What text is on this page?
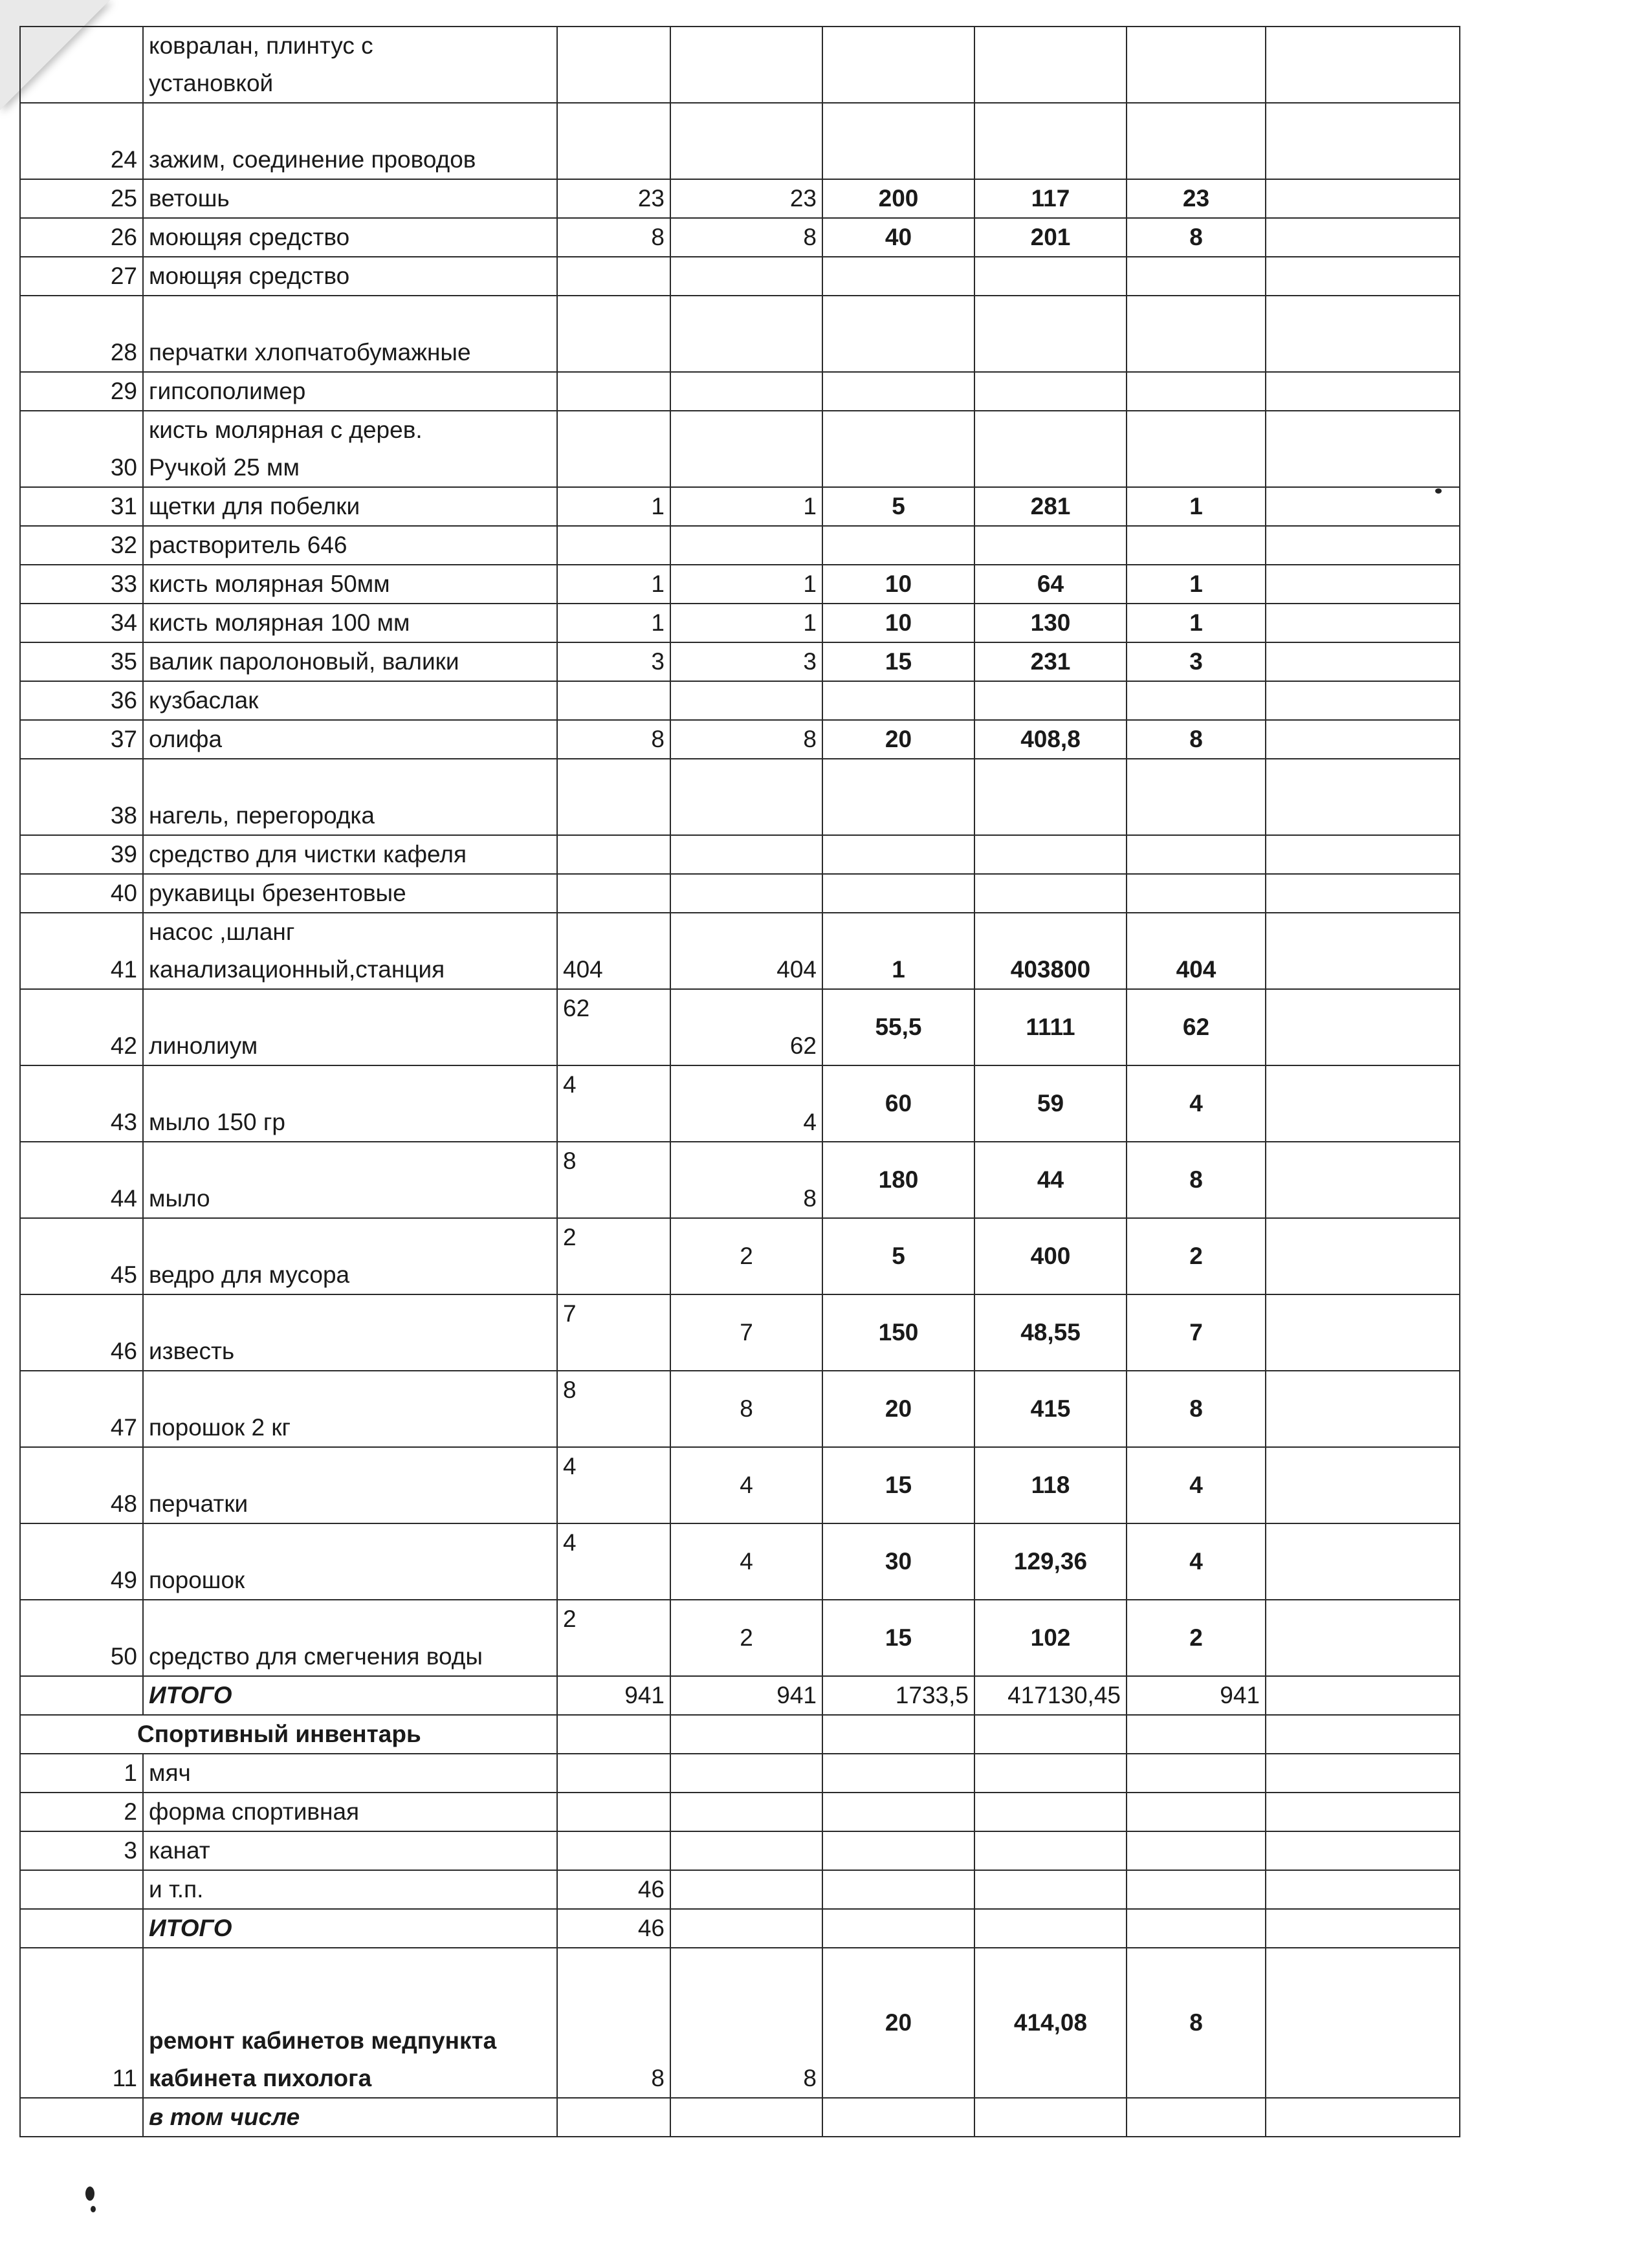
	ковралан, плинтус с
установкой						

24	зажим, соединение проводов						

25	ветошь	23	23	200	117	23	
26	моющяя средство	8	8	40	201	8	
27	моющяя средство						

28	перчатки хлопчатобумажные						

29	гипсополимер						

30	кисть молярная с дерев.
Ручкой 25 мм						

31	щетки для побелки	1	1	5	281	1	
32	растворитель 646						

33	кисть молярная 50мм	1	1	10	64	1	
34	кисть молярная 100 мм	1	1	10	130	1	
35	валик паролоновый, валики	3	3	15	231	3	
36	кузбаслак						

37	олифа	8	8	20	408,8	8	
38	нагель, перегородка						

39	средство для чистки кафеля						

40	рукавицы брезентовые						

41	насос ,шланг
канализационный,станция	404	404	1	403800	404	
42	линолиум	62	62	55,5	1111	62	
43	мыло 150 гр	4	4	60	59	4	
44	мыло	8	8	180	44	8	
45	ведро для мусора	2	2	5	400	2	
46	известь	7	7	150	48,55	7	
47	порошок 2 кг	8	8	20	415	8	
48	перчатки	4	4	15	118	4	
49	порошок	4	4	30	129,36	4	
50	средство для смегчения воды	2	2	15	102	2	
	ИТОГО	941	941	1733,5	417130,45	941	
Спортивный инвентарь							
1	мяч						
2	форма спортивная						
3	канат						
	и т.п.	46					
	ИТОГО	46					
11	ремонт кабинетов медпункта
кабинета пихолога	8	8	20	414,08	8	
	в том числе						
